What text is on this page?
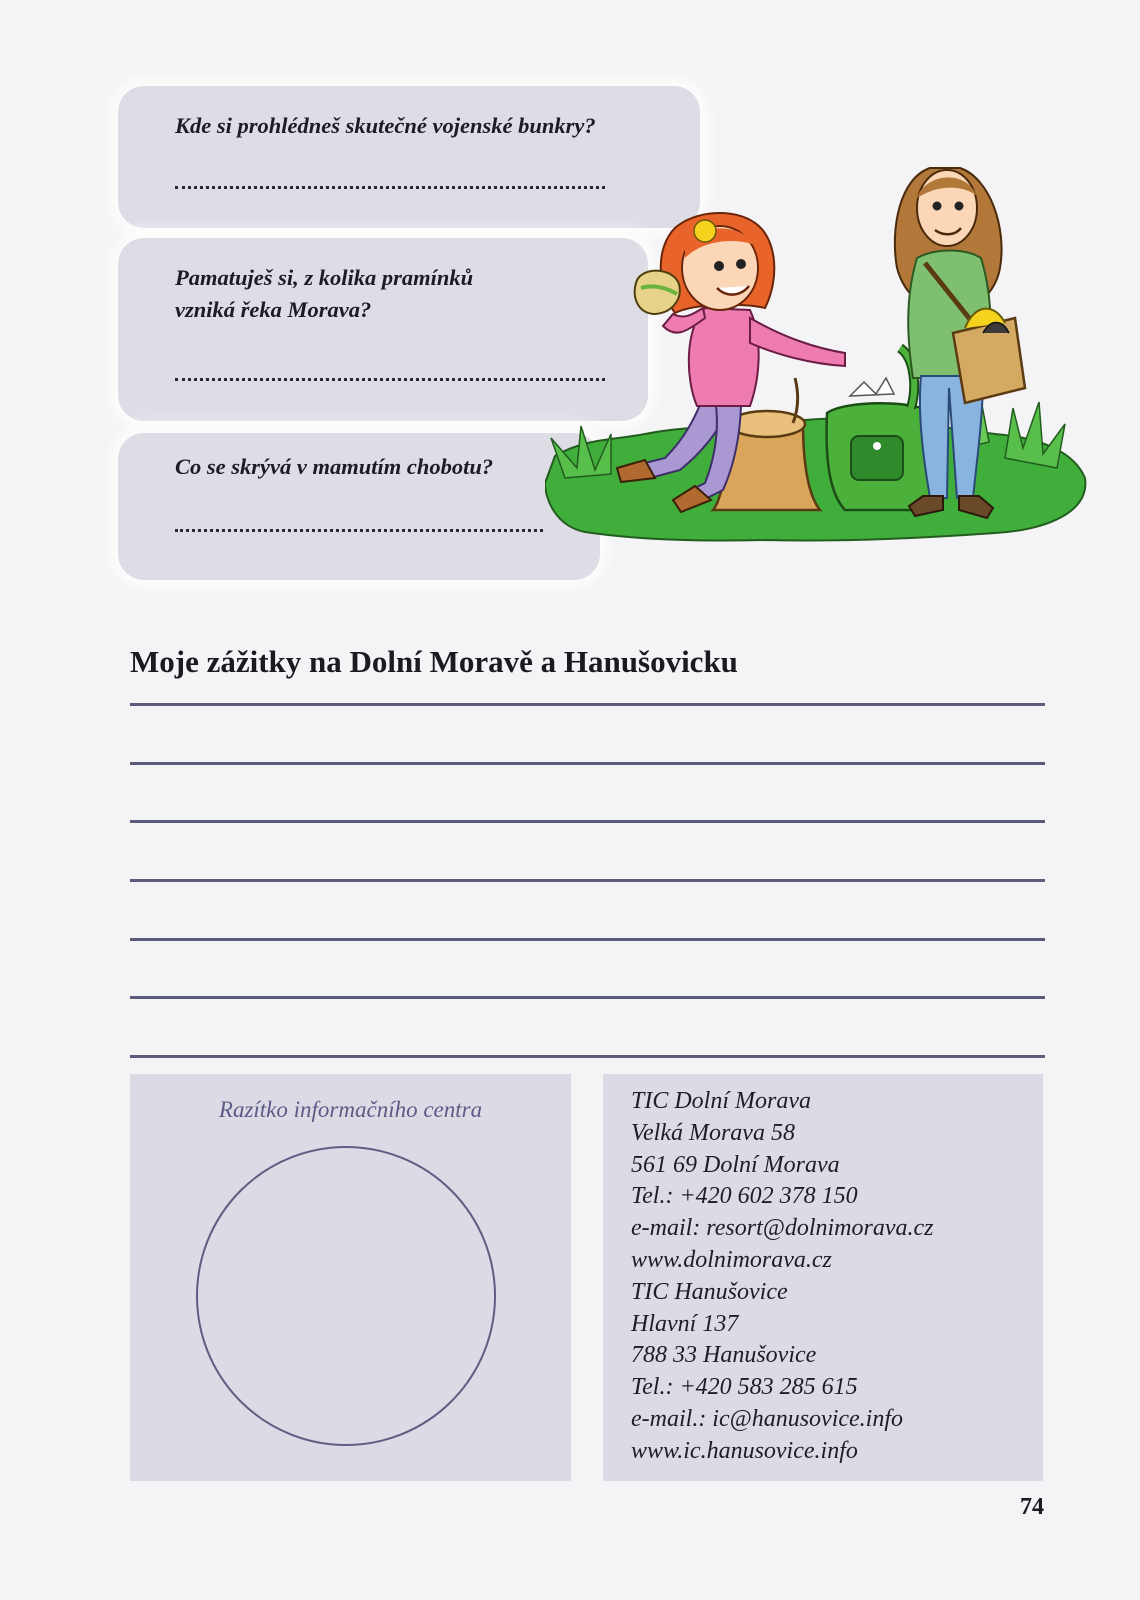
Kde si prohlédneš skutečné vojenské bunkry?
Pamatuješ si, z kolika pramínků
vzniká řeka Morava?
Co se skrývá v mamutím chobotu?
Moje zážitky na Dolní Moravě a Hanušovicku
Razítko informačního centra	TIC Dolní Morava
Velká Morava 58
561 69 Dolní Morava
Tel.: +420 602 378 150
e-mail: resort@dolnimorava.cz
www.dolnimorava.cz
TIC Hanušovice
Hlavní 137
788 33 Hanušovice
Tel.: +420 583 285 615
e-mail.: ic@hanusovice.info
www.ic.hanusovice.info
74
